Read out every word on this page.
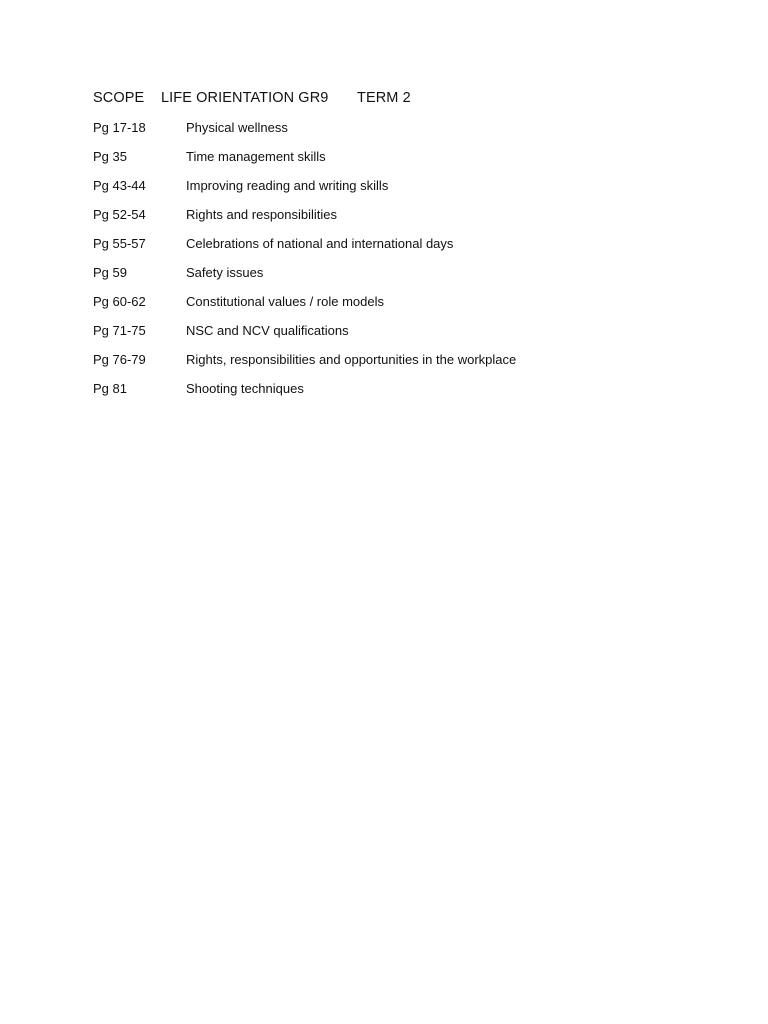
SCOPE LIFE ORIENTATION GR9 TERM 2
Pg 17-18	Physical wellness
Pg 35	Time management skills
Pg 43-44	Improving reading and writing skills
Pg 52-54	Rights and responsibilities
Pg 55-57	Celebrations of national and international days
Pg 59	Safety issues
Pg 60-62	Constitutional values / role models
Pg 71-75	NSC and NCV qualifications
Pg 76-79	Rights, responsibilities and opportunities in the workplace
Pg 81	Shooting techniques
